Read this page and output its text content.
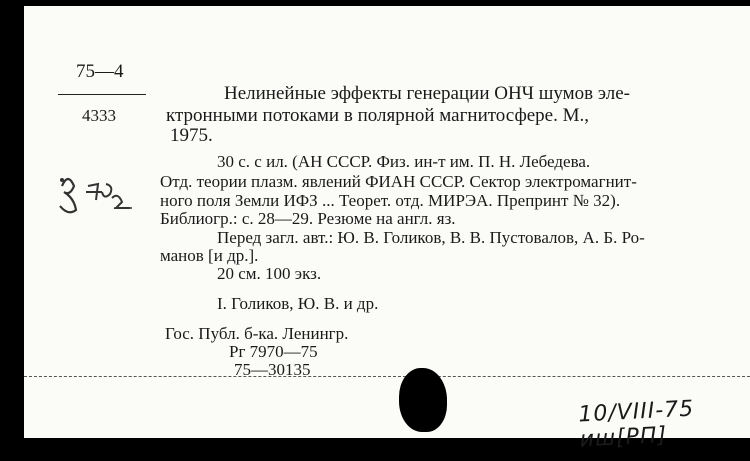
75—4
4333
Нелинейные эффекты генерации ОНЧ шумов эле-
ктронными потоками в полярной магнитосфере. М.,
1975.
30 с. с ил. (АН СССР. Физ. ин-т им. П. Н. Лебедева.
Отд. теории плазм. явлений ФИАН СССР. Сектор электромагнит-
ного поля Земли ИФЗ ... Теорет. отд. МИРЭА. Препринт № 32).
Библиогр.: с. 28—29. Резюме на англ. яз.
Перед загл. авт.: Ю. В. Голиков, В. В. Пустовалов, А. Б. Ро-
манов [и др.].
20 см. 100 экз.
I. Голиков, Ю. В. и др.
Гос. Публ. б-ка. Ленингр.
Рг 7970—75
75—30135
10/VIII-75 иш[РП]
